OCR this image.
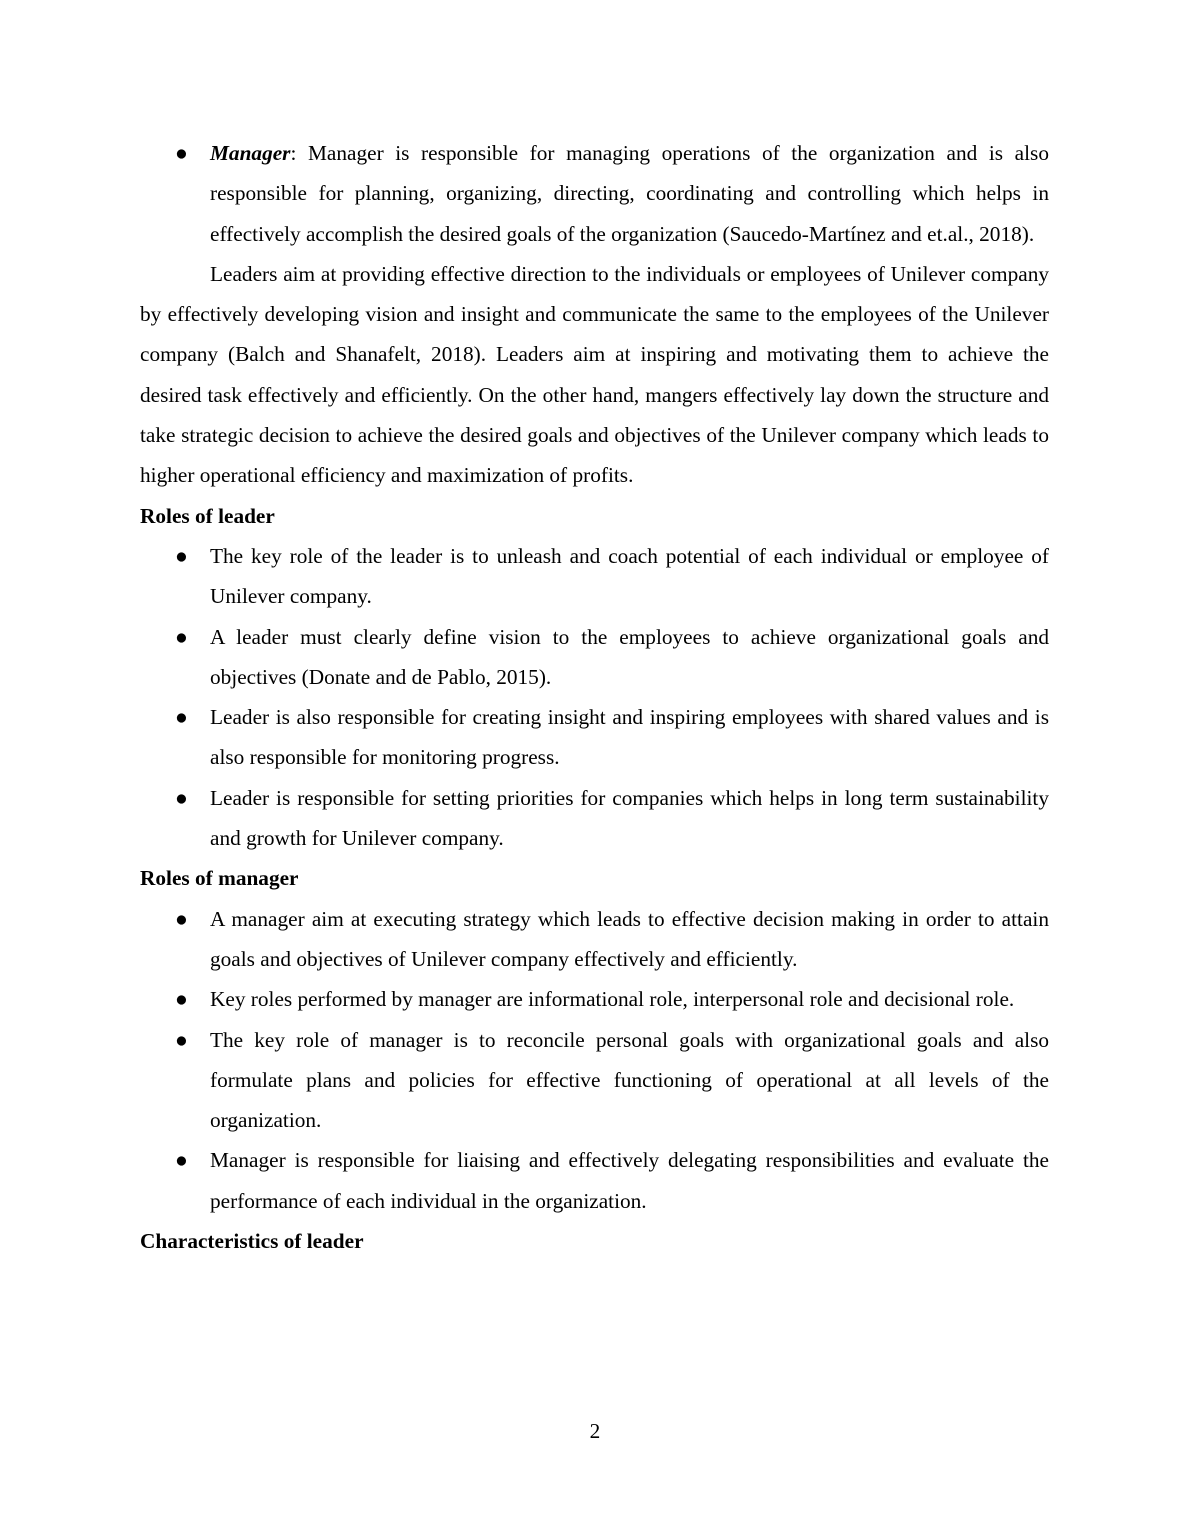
●	Manager: Manager is responsible for managing operations of the organization and is also responsible for planning, organizing, directing, coordinating and controlling which helps in effectively accomplish the desired goals of the organization (Saucedo-Martínez and et.al., 2018).

Leaders aim at providing effective direction to the individuals or employees of Unilever company by effectively developing vision and insight and communicate the same to the employees of the Unilever company (Balch and Shanafelt, 2018). Leaders aim at inspiring and motivating them to achieve the desired task effectively and efficiently. On the other hand, mangers effectively lay down the structure and take strategic decision to achieve the desired goals and objectives of the Unilever company which leads to higher operational efficiency and maximization of profits.

Roles of leader

●	The key role of the leader is to unleash and coach potential of each individual or employee of Unilever company.
●	A leader must clearly define vision to the employees to achieve organizational goals and objectives (Donate and de Pablo, 2015).
●	Leader is also responsible for creating insight and inspiring employees with shared values and is also responsible for monitoring progress.
●	Leader is responsible for setting priorities for companies which helps in long term sustainability and growth for Unilever company.

Roles of manager

●	A manager aim at executing strategy which leads to effective decision making in order to attain goals and objectives of Unilever company effectively and efficiently.
●	Key roles performed by manager are informational role, interpersonal role and decisional role.
●	The key role of manager is to reconcile personal goals with organizational goals and also formulate plans and policies for effective functioning of operational at all levels of the organization.
●	Manager is responsible for liaising and effectively delegating responsibilities and evaluate the performance of each individual in the organization.

Characteristics of leader

2
